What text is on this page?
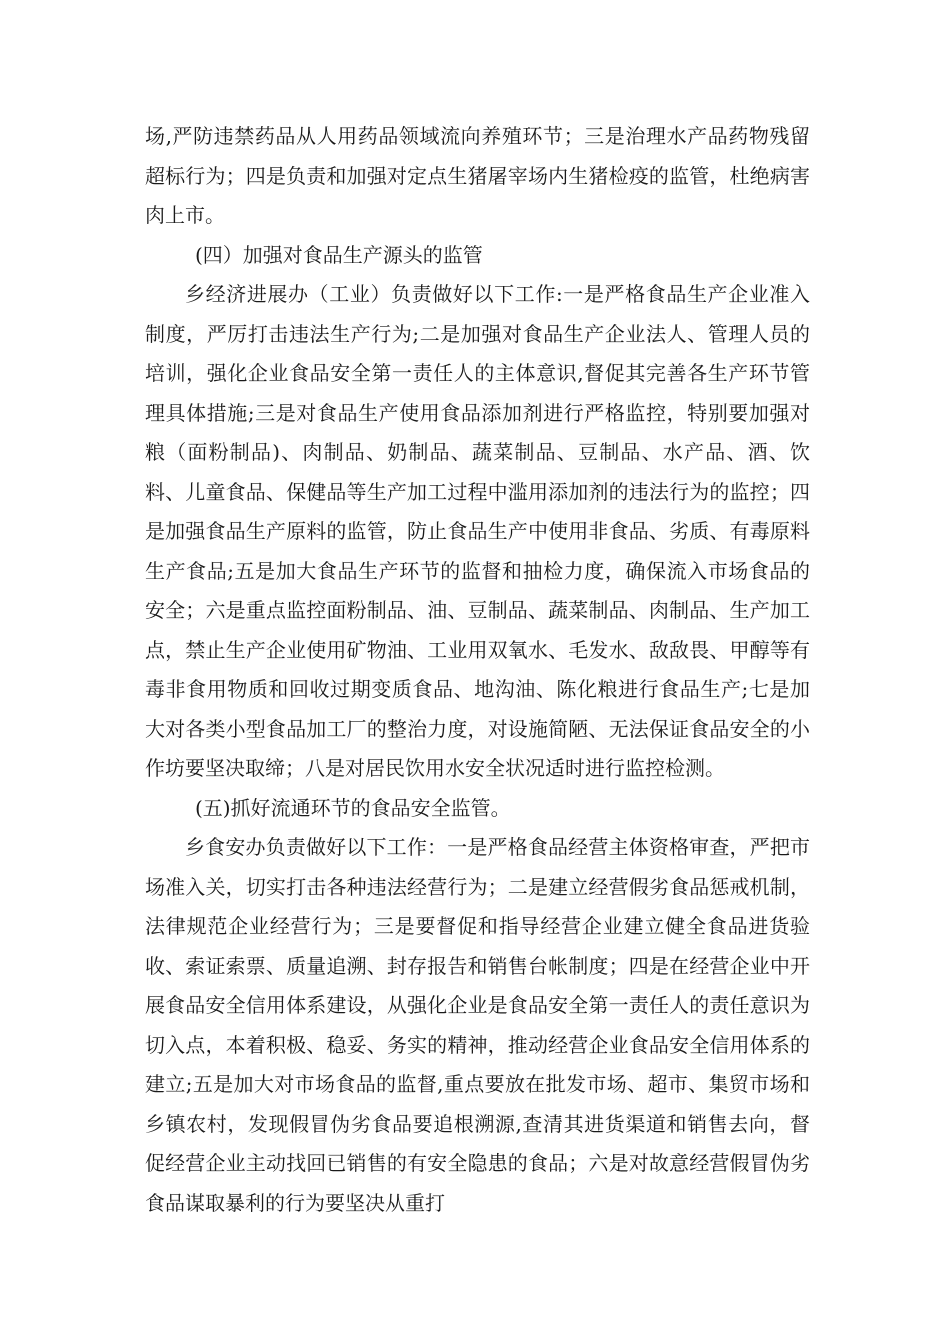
场,严防违禁药品从人用药品领域流向养殖环节；三是治理水产品药物残留超标行为；四是负责和加强对定点生猪屠宰场内生猪检疫的监管，杜绝病害肉上市。

(四）加强对食品生产源头的监管

乡经济进展办（工业）负责做好以下工作:一是严格食品生产企业准入制度，严厉打击违法生产行为;二是加强对食品生产企业法人、管理人员的培训，强化企业食品安全第一责任人的主体意识,督促其完善各生产环节管理具体措施;三是对食品生产使用食品添加剂进行严格监控，特别要加强对粮（面粉制品)、肉制品、奶制品、蔬菜制品、豆制品、水产品、酒、饮料、儿童食品、保健品等生产加工过程中滥用添加剂的违法行为的监控；四是加强食品生产原料的监管，防止食品生产中使用非食品、劣质、有毒原料生产食品;五是加大食品生产环节的监督和抽检力度，确保流入市场食品的安全；六是重点监控面粉制品、油、豆制品、蔬菜制品、肉制品、生产加工点，禁止生产企业使用矿物油、工业用双氧水、毛发水、敌敌畏、甲醇等有毒非食用物质和回收过期变质食品、地沟油、陈化粮进行食品生产;七是加大对各类小型食品加工厂的整治力度，对设施简陋、无法保证食品安全的小作坊要坚决取缔；八是对居民饮用水安全状况适时进行监控检测。

(五)抓好流通环节的食品安全监管。

乡食安办负责做好以下工作：一是严格食品经营主体资格审查，严把市场准入关，切实打击各种违法经营行为；二是建立经营假劣食品惩戒机制，法律规范企业经营行为；三是要督促和指导经营企业建立健全食品进货验收、索证索票、质量追溯、封存报告和销售台帐制度；四是在经营企业中开展食品安全信用体系建设，从强化企业是食品安全第一责任人的责任意识为切入点，本着积极、稳妥、务实的精神，推动经营企业食品安全信用体系的建立;五是加大对市场食品的监督,重点要放在批发市场、超市、集贸市场和乡镇农村，发现假冒伪劣食品要追根溯源,查清其进货渠道和销售去向，督促经营企业主动找回已销售的有安全隐患的食品；六是对故意经营假冒伪劣食品谋取暴利的行为要坚决从重打
